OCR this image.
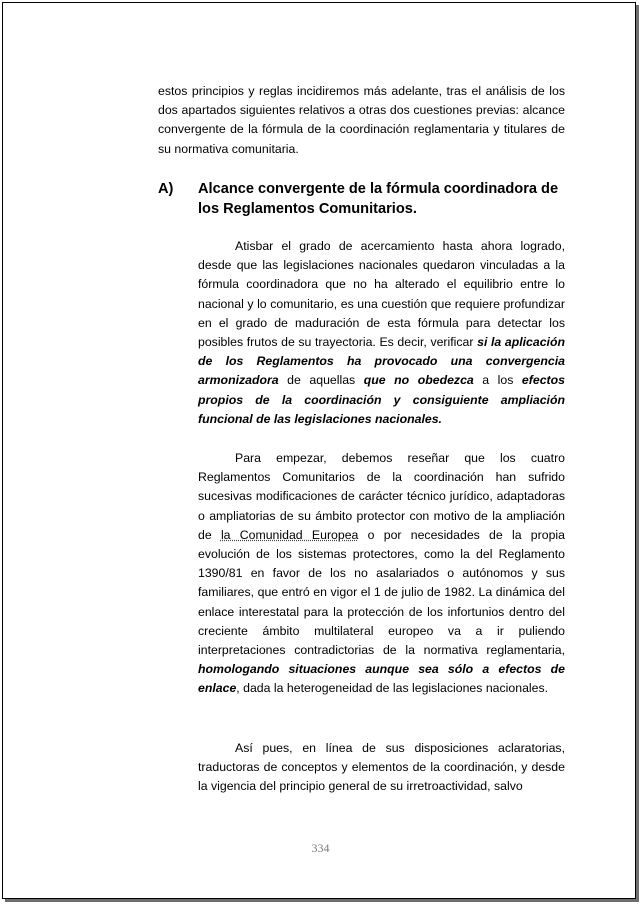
estos principios y reglas incidiremos más adelante, tras el análisis de los dos apartados siguientes relativos a otras dos cuestiones previas: alcance convergente de la fórmula de la coordinación reglamentaria y titulares de su normativa comunitaria.

A) Alcance convergente de la fórmula coordinadora de los Reglamentos Comunitarios.

Atisbar el grado de acercamiento hasta ahora logrado, desde que las legislaciones nacionales quedaron vinculadas a la fórmula coordinadora que no ha alterado el equilibrio entre lo nacional y lo comunitario, es una cuestión que requiere profundizar en el grado de maduración de esta fórmula para detectar los posibles frutos de su trayectoria. Es decir, verificar si la aplicación de los Reglamentos ha provocado una convergencia armonizadora de aquellas que no obedezca a los efectos propios de la coordinación y consiguiente ampliación funcional de las legislaciones nacionales.

Para empezar, debemos reseñar que los cuatro Reglamentos Comunitarios de la coordinación han sufrido sucesivas modificaciones de carácter técnico jurídico, adaptadoras o ampliatorias de su ámbito protector con motivo de la ampliación de la Comunidad Europea o por necesidades de la propia evolución de los sistemas protectores, como la del Reglamento 1390/81 en favor de los no asalariados o autónomos y sus familiares, que entró en vigor el 1 de julio de 1982. La dinámica del enlace interestatal para la protección de los infortunios dentro del creciente ámbito multilateral europeo va a ir puliendo interpretaciones contradictorias de la normativa reglamentaria, homologando situaciones aunque sea sólo a efectos de enlace, dada la heterogeneidad de las legislaciones nacionales.

Así pues, en línea de sus disposiciones aclaratorias, traductoras de conceptos y elementos de la coordinación, y desde la vigencia del principio general de su irretroactividad, salvo

334
